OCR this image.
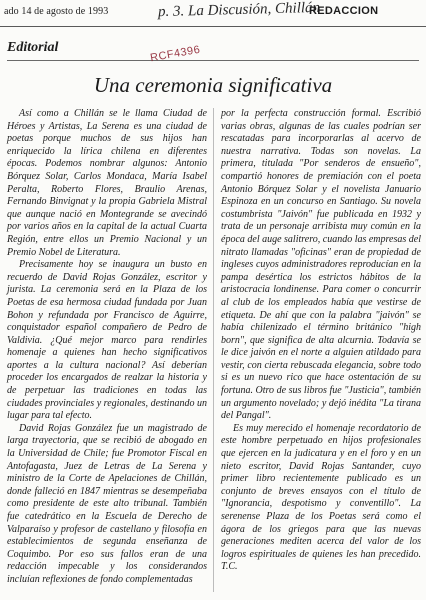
ado 14 de agosto de 1993	p. 3. La Discusión, Chillán
REDACCION
Editorial	RCF4396
Una ceremonia significativa

Así como a Chillán se le llama Ciudad de Héroes y Artistas, La Serena es una ciudad de poetas porque muchos de sus hijos han enriquecido la lírica chilena en diferentes épocas. Podemos nombrar algunos: Antonio Bórquez Solar, Carlos Mondaca, María Isabel Peralta, Roberto Flores, Braulio Arenas, Fernando Binvignat y la propia Gabriela Mistral que aunque nació en Montegrande se avecindó por varios años en la capital de la actual Cuarta Región, entre ellos un Premio Nacional y un Premio Nobel de Literatura.

Precisamente hoy se inaugura un busto en recuerdo de David Rojas González, escritor y jurista. La ceremonia será en la Plaza de los Poetas de esa hermosa ciudad fundada por Juan Bohon y refundada por Francisco de Aguirre, conquistador español compañero de Pedro de Valdivia. ¿Qué mejor marco para rendirles homenaje a quienes han hecho significativos aportes a la cultura nacional? Así deberían proceder los encargados de realzar la historia y de perpetuar las tradiciones en todas las ciudades provinciales y regionales, destinando un lugar para tal efecto.

David Rojas González fue un magistrado de larga trayectoria, que se recibió de abogado en la Universidad de Chile; fue Promotor Fiscal en Antofagasta, Juez de Letras de La Serena y ministro de la Corte de Apelaciones de Chillán, donde falleció en 1847 mientras se desempeñaba como presidente de este alto tribunal. También fue catedrático en la Escuela de Derecho de Valparaíso y profesor de castellano y filosofía en establecimientos de segunda enseñanza de Coquimbo. Por eso sus fallos eran de una redacción impecable y los considerandos incluían reflexiones de fondo complementadas

por la perfecta construcción formal. Escribió varias obras, algunas de las cuales podrían ser rescatadas para incorporarlas al acervo de nuestra narrativa. Todas son novelas. La primera, titulada "Por senderos de ensueño", compartió honores de premiación con el poeta Antonio Bórquez Solar y el novelista Januario Espinoza en un concurso en Santiago. Su novela costumbrista "Jaivón" fue publicada en 1932 y trata de un personaje arribista muy común en la época del auge salitrero, cuando las empresas del nitrato llamadas "oficinas" eran de propiedad de ingleses cuyos administradores reproducían en la pampa desértica los estrictos hábitos de la aristocracia londinense. Para comer o concurrir al club de los empleados había que vestirse de etiqueta. De ahí que con la palabra "jaivón" se había chilenizado el término británico "high born", que significa de alta alcurnia. Todavía se le dice jaivón en el norte a alguien atildado para vestir, con cierta rebuscada elegancia, sobre todo si es un nuevo rico que hace ostentación de su fortuna. Otro de sus libros fue "Justicia", también un argumento novelado; y dejó inédita "La tirana del Pangal".

Es muy merecido el homenaje recordatorio de este hombre perpetuado en hijos profesionales que ejercen en la judicatura y en el foro y en un nieto escritor, David Rojas Santander, cuyo primer libro recientemente publicado es un conjunto de breves ensayos con el título de "Ignorancia, despotismo y conventillo". La serenense Plaza de los Poetas será como el ágora de los griegos para que las nuevas generaciones mediten acerca del valor de los logros espirituales de quienes les han precedido. T.C.
